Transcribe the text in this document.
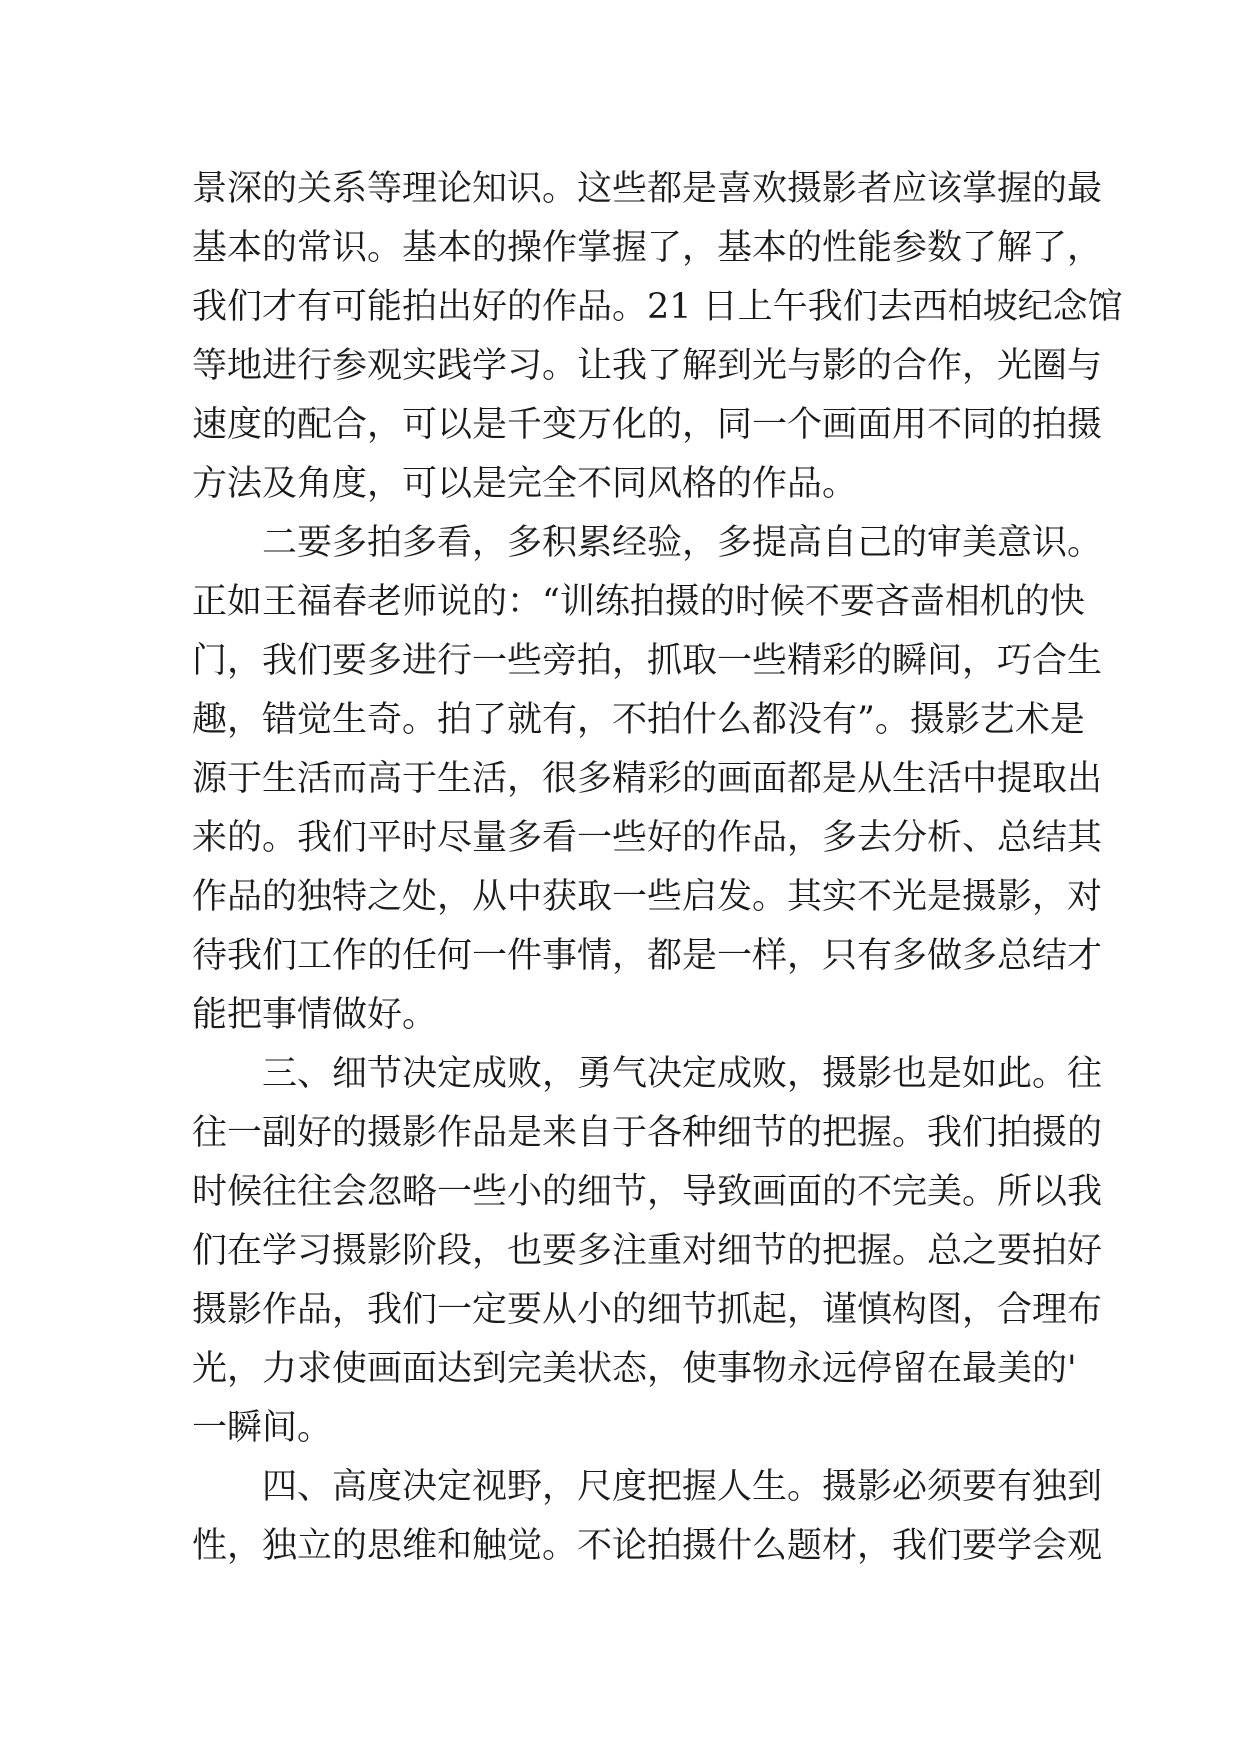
景深的关系等理论知识。这些都是喜欢摄影者应该掌握的最
基本的常识。基本的操作掌握了，基本的性能参数了解了，
我们才有可能拍出好的作品。21 日上午我们去西柏坡纪念馆
等地进行参观实践学习。让我了解到光与影的合作，光圈与
速度的配合，可以是千变万化的，同一个画面用不同的拍摄
方法及角度，可以是完全不同风格的作品。
二要多拍多看，多积累经验，多提高自己的审美意识。
正如王福春老师说的：“训练拍摄的时候不要吝啬相机的快
门，我们要多进行一些旁拍，抓取一些精彩的瞬间，巧合生
趣，错觉生奇。拍了就有，不拍什么都没有”。摄影艺术是
源于生活而高于生活，很多精彩的画面都是从生活中提取出
来的。我们平时尽量多看一些好的作品，多去分析、总结其
作品的独特之处，从中获取一些启发。其实不光是摄影，对
待我们工作的任何一件事情，都是一样，只有多做多总结才
能把事情做好。
三、细节决定成败，勇气决定成败，摄影也是如此。往
往一副好的摄影作品是来自于各种细节的把握。我们拍摄的
时候往往会忽略一些小的细节，导致画面的不完美。所以我
们在学习摄影阶段，也要多注重对细节的把握。总之要拍好
摄影作品，我们一定要从小的细节抓起，谨慎构图，合理布
光，力求使画面达到完美状态，使事物永远停留在最美的'
一瞬间。
四、高度决定视野，尺度把握人生。摄影必须要有独到
性，独立的思维和触觉。不论拍摄什么题材，我们要学会观
